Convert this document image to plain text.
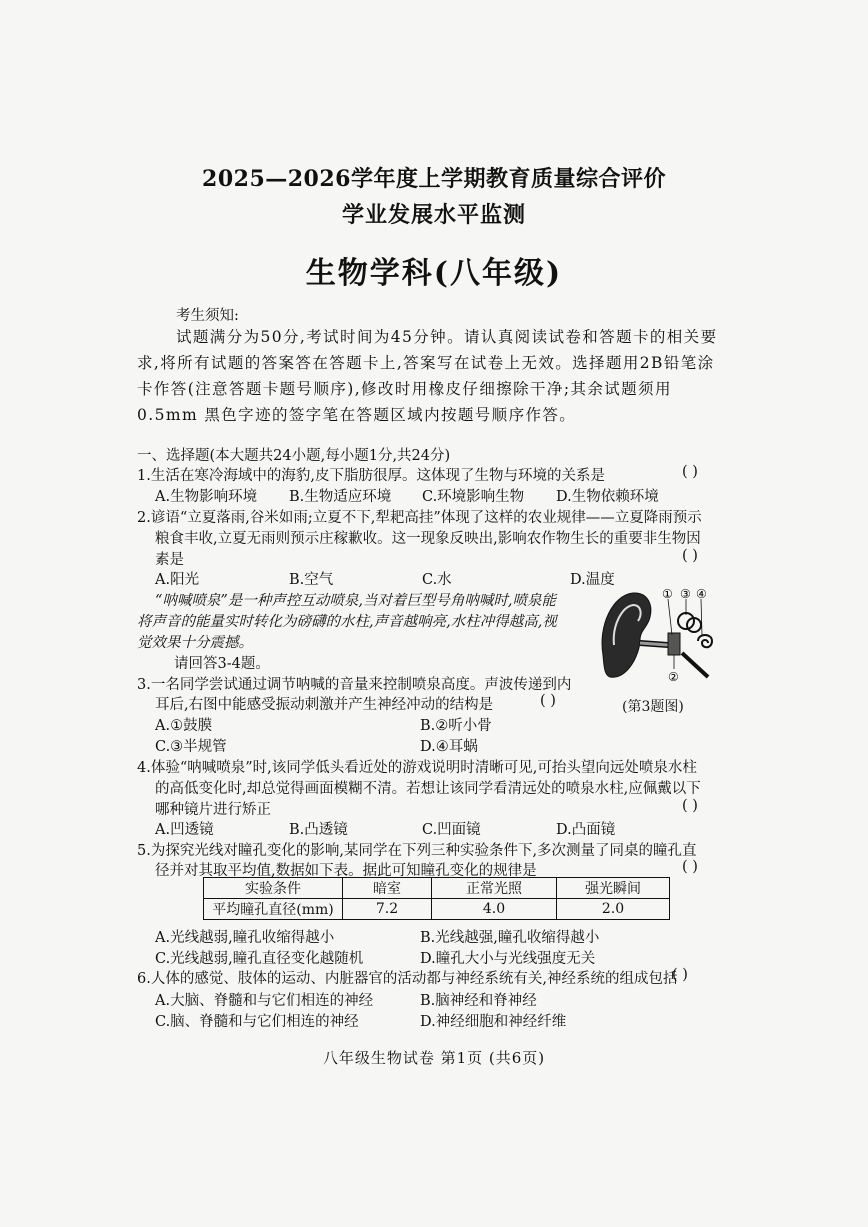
2025—2026学年度上学期教育质量综合评价
学业发展水平监测
生物学科(八年级)
考生须知:
试题满分为50分,考试时间为45分钟。请认真阅读试卷和答题卡的相关要
求,将所有试题的答案答在答题卡上,答案写在试卷上无效。选择题用2B铅笔涂
卡作答(注意答题卡题号顺序),修改时用橡皮仔细擦除干净;其余试题须用
0.5mm 黑色字迹的签字笔在答题区域内按题号顺序作答。
一、选择题(本大题共24小题,每小题1分,共24分)
1.生活在寒冷海域中的海豹,皮下脂肪很厚。这体现了生物与环境的关系是	( )
A.生物影响环境 B.生物适应环境 C.环境影响生物 D.生物依赖环境
2.谚语“立夏落雨,谷米如雨;立夏不下,犁耙高挂”体现了这样的农业规律——立夏降雨预示
粮食丰收,立夏无雨则预示庄稼歉收。这一现象反映出,影响农作物生长的重要非生物因
素是	( )
A.阳光	B.空气	C.水	D.温度
“呐喊喷泉”是一种声控互动喷泉,当对着巨型号角呐喊时,喷泉能
将声音的能量实时转化为磅礴的水柱,声音越响亮,水柱冲得越高,视
觉效果十分震撼。
请回答3-4题。
3.一名同学尝试通过调节呐喊的音量来控制喷泉高度。声波传递到内
耳后,右图中能感受振动刺激并产生神经冲动的结构是	( )
A.①鼓膜	B.②听小骨
C.③半规管	D.④耳蜗
① ③ ④
②
(第3题图)
4.体验“呐喊喷泉”时,该同学低头看近处的游戏说明时清晰可见,可抬头望向远处喷泉水柱
的高低变化时,却总觉得画面模糊不清。若想让该同学看清远处的喷泉水柱,应佩戴以下
哪种镜片进行矫正	( )
A.凹透镜	B.凸透镜	C.凹面镜	D.凸面镜
5.为探究光线对瞳孔变化的影响,某同学在下列三种实验条件下,多次测量了同桌的瞳孔直
径并对其取平均值,数据如下表。据此可知瞳孔变化的规律是	( )
实验条件	暗室	正常光照	强光瞬间
平均瞳孔直径(mm)	7.2	4.0	2.0
A.光线越弱,瞳孔收缩得越小	B.光线越强,瞳孔收缩得越小
C.光线越弱,瞳孔直径变化越随机	D.瞳孔大小与光线强度无关
6.人体的感觉、肢体的运动、内脏器官的活动都与神经系统有关,神经系统的组成包括
( )
A.大脑、脊髓和与它们相连的神经	B.脑神经和脊神经
C.脑、脊髓和与它们相连的神经	D.神经细胞和神经纤维
八年级生物试卷 第1页 (共6页)
